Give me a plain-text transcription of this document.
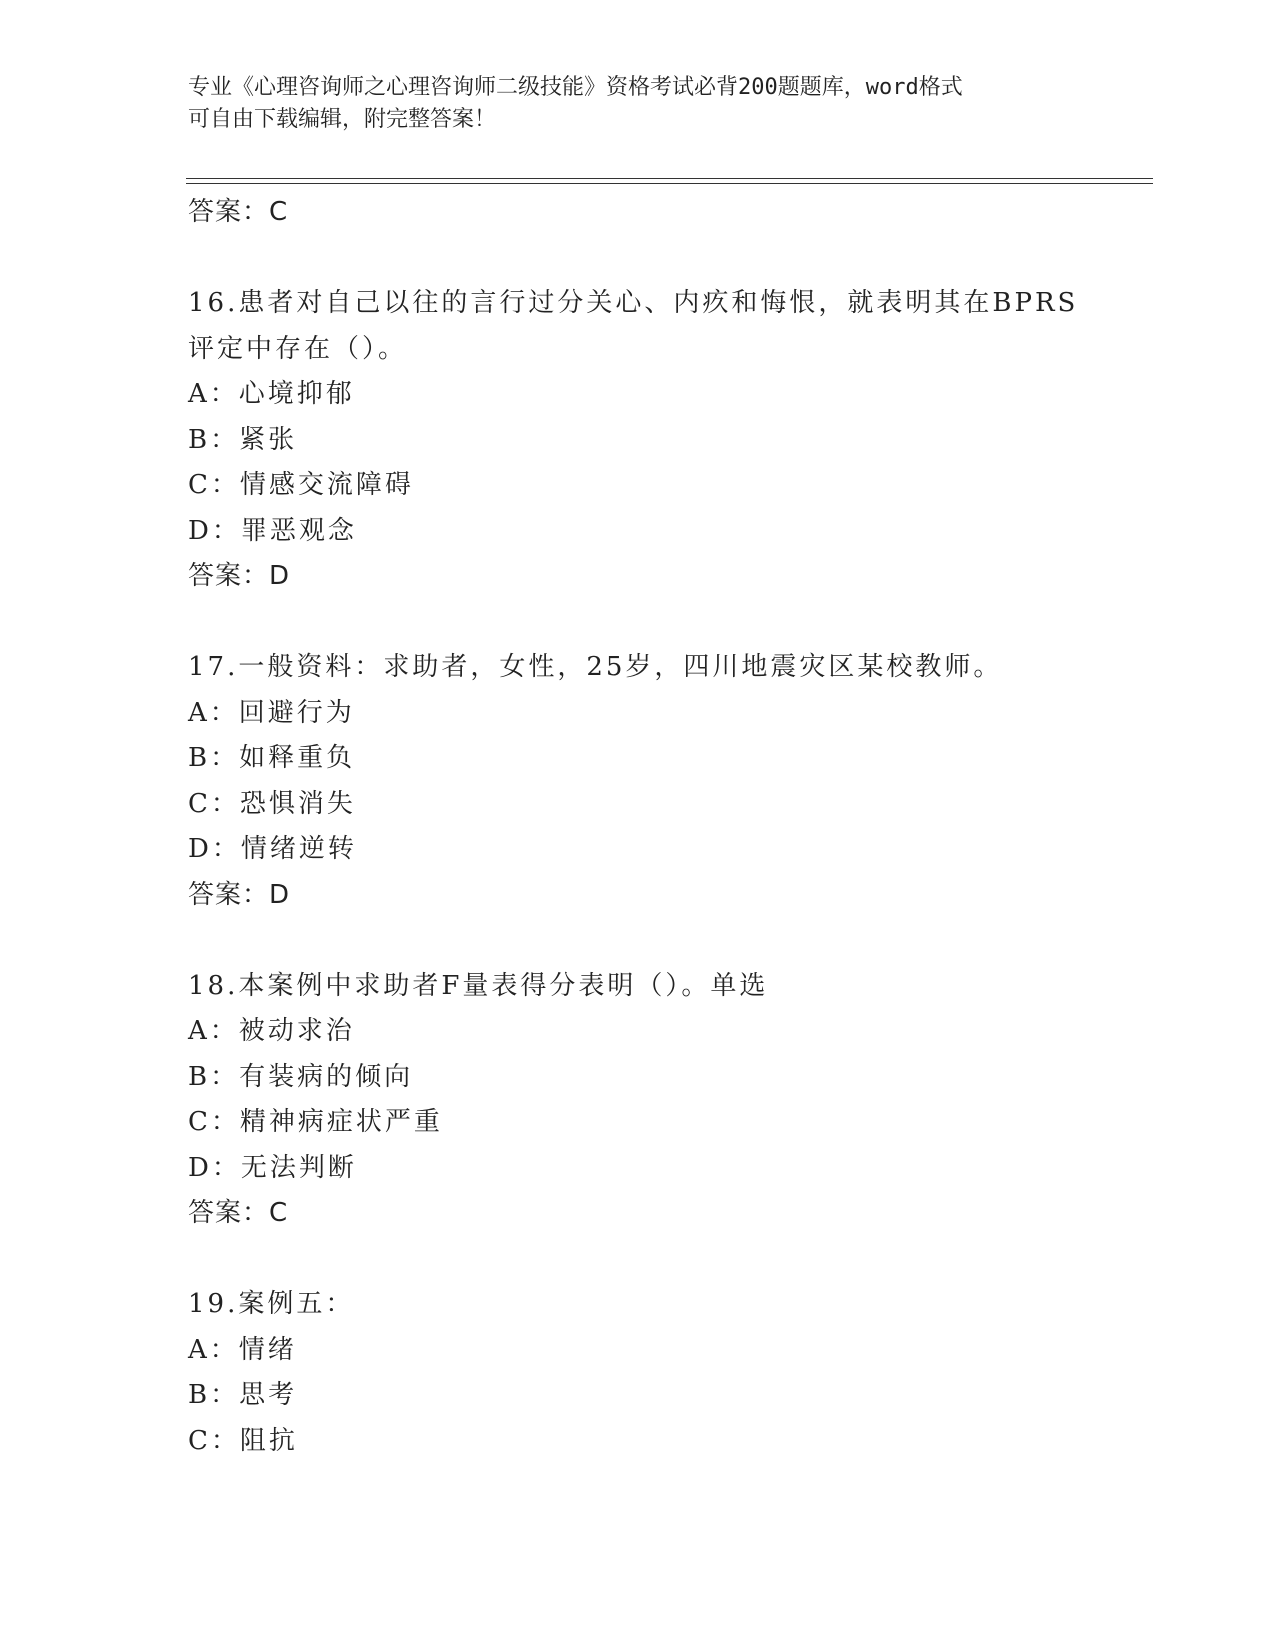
专业《心理咨询师之心理咨询师二级技能》资格考试必背200题题库，word格式
可自由下载编辑，附完整答案！
答案：C
16.患者对自己以往的言行过分关心、内疚和悔恨，就表明其在BPRS
评定中存在（）。
A：心境抑郁
B：紧张
C：情感交流障碍
D：罪恶观念
答案：D
17.一般资料：求助者，女性，25岁，四川地震灾区某校教师。
A：回避行为
B：如释重负
C：恐惧消失
D：情绪逆转
答案：D
18.本案例中求助者F量表得分表明（）。单选
A：被动求治
B：有装病的倾向
C：精神病症状严重
D：无法判断
答案：C
19.案例五：
A：情绪
B：思考
C：阻抗
